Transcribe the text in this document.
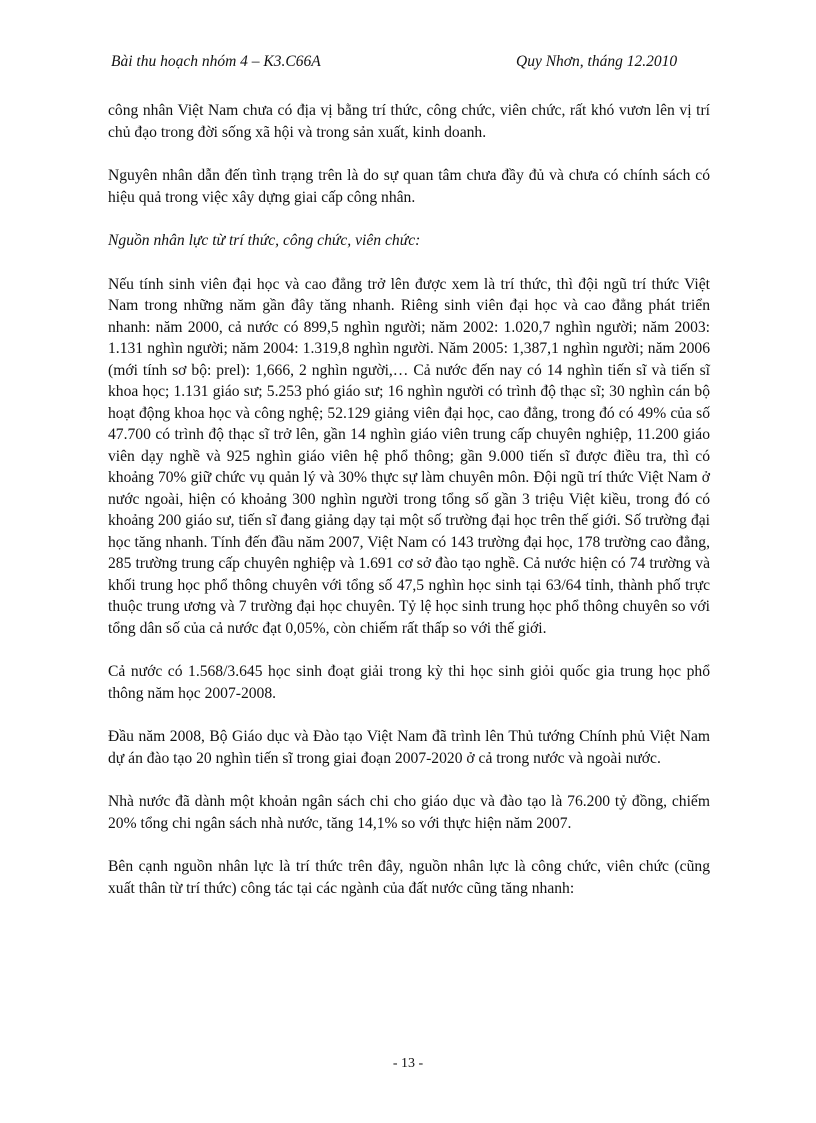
Bài thu hoạch nhóm 4 – K3.C66A	Quy Nhơn, tháng 12.2010

công nhân Việt Nam chưa có địa vị bằng trí thức, công chức, viên chức, rất khó vươn lên vị trí chủ đạo trong đời sống xã hội và trong sản xuất, kinh doanh.

Nguyên nhân dẫn đến tình trạng trên là do sự quan tâm chưa đầy đủ và chưa có chính sách có hiệu quả trong việc xây dựng giai cấp công nhân.

Nguồn nhân lực từ trí thức, công chức, viên chức:

Nếu tính sinh viên đại học và cao đẳng trở lên được xem là trí thức, thì đội ngũ trí thức Việt Nam trong những năm gần đây tăng nhanh. Riêng sinh viên đại học và cao đẳng phát triển nhanh: năm 2000, cả nước có 899,5 nghìn người; năm 2002: 1.020,7 nghìn người; năm 2003: 1.131 nghìn người; năm 2004: 1.319,8 nghìn người. Năm 2005: 1,387,1 nghìn người; năm 2006 (mới tính sơ bộ: prel): 1,666, 2 nghìn người,… Cả nước đến nay có 14 nghìn tiến sĩ và tiến sĩ khoa học; 1.131 giáo sư; 5.253 phó giáo sư; 16 nghìn người có trình độ thạc sĩ; 30 nghìn cán bộ hoạt động khoa học và công nghệ; 52.129 giảng viên đại học, cao đẳng, trong đó có 49% của số 47.700 có trình độ thạc sĩ trở lên, gần 14 nghìn giáo viên trung cấp chuyên nghiệp, 11.200 giáo viên dạy nghề và 925 nghìn giáo viên hệ phổ thông; gần 9.000 tiến sĩ được điều tra, thì có khoảng 70% giữ chức vụ quản lý và 30% thực sự làm chuyên môn. Đội ngũ trí thức Việt Nam ở nước ngoài, hiện có khoảng 300 nghìn người trong tổng số gần 3 triệu Việt kiều, trong đó có khoảng 200 giáo sư, tiến sĩ đang giảng dạy tại một số trường đại học trên thế giới. Số trường đại học tăng nhanh. Tính đến đầu năm 2007, Việt Nam có 143 trường đại học, 178 trường cao đẳng, 285 trường trung cấp chuyên nghiệp và 1.691 cơ sở đào tạo nghề. Cả nước hiện có 74 trường và khối trung học phổ thông chuyên với tổng số 47,5 nghìn học sinh tại 63/64 tỉnh, thành phố trực thuộc trung ương và 7 trường đại học chuyên. Tỷ lệ học sinh trung học phổ thông chuyên so với tổng dân số của cả nước đạt 0,05%, còn chiếm rất thấp so với thế giới.

Cả nước có 1.568/3.645 học sinh đoạt giải trong kỳ thi học sinh giỏi quốc gia trung học phổ thông năm học 2007-2008.

Đầu năm 2008, Bộ Giáo dục và Đào tạo Việt Nam đã trình lên Thủ tướng Chính phủ Việt Nam dự án đào tạo 20 nghìn tiến sĩ trong giai đoạn 2007-2020 ở cả trong nước và ngoài nước.

Nhà nước đã dành một khoản ngân sách chi cho giáo dục và đào tạo là 76.200 tỷ đồng, chiếm 20% tổng chi ngân sách nhà nước, tăng 14,1% so với thực hiện năm 2007.

Bên cạnh nguồn nhân lực là trí thức trên đây, nguồn nhân lực là công chức, viên chức (cũng xuất thân từ trí thức) công tác tại các ngành của đất nước cũng tăng nhanh:

- 13 -
